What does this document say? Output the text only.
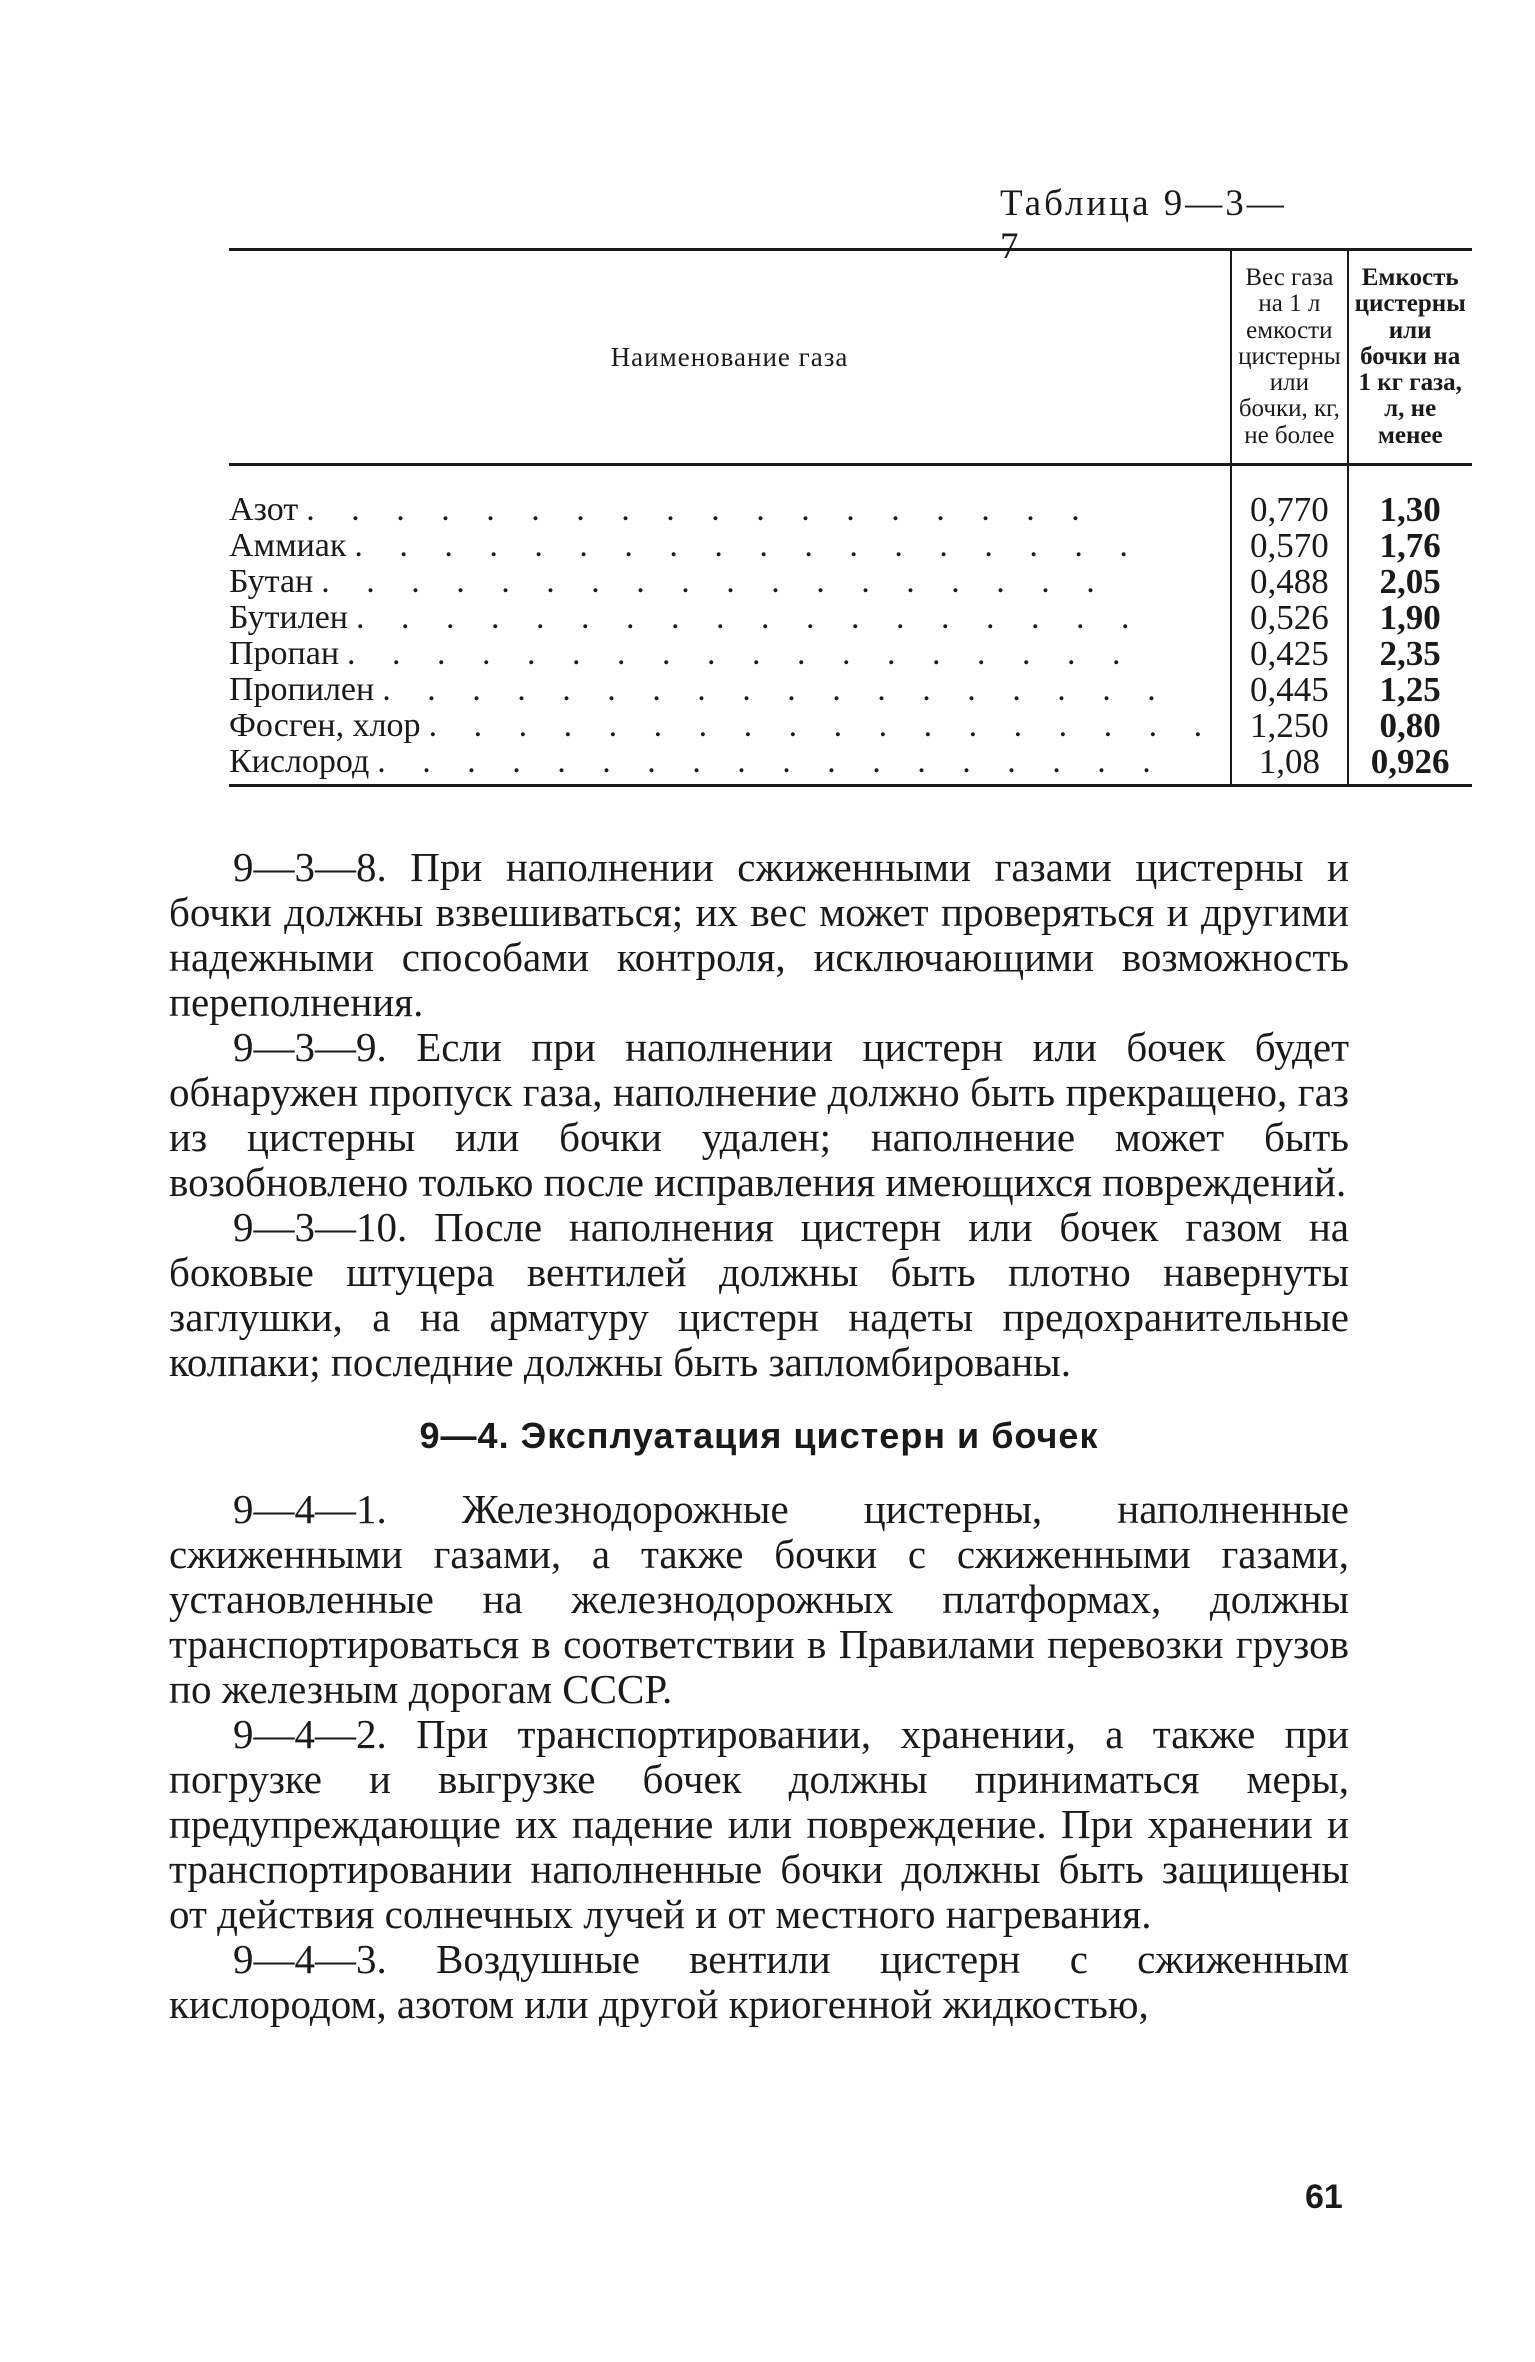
Таблица 9—3—7
Наименование газа	Вес газа на 1 л емкости цистерны или бочки, кг, не более	Емкость цистерны или бочки на 1 кг газа, л, не менее
Азот . . . . . . . . . . . . . . . . . .	0,770	1,30
Аммиак . . . . . . . . . . . . . . . . . .	0,570	1,76
Бутан . . . . . . . . . . . . . . . . . .	0,488	2,05
Бутилен . . . . . . . . . . . . . . . . . .	0,526	1,90
Пропан . . . . . . . . . . . . . . . . . .	0,425	2,35
Пропилен . . . . . . . . . . . . . . . . . .	0,445	1,25
Фосген, хлор . . . . . . . . . . . . . . . . . .	1,250	0,80
Кислород . . . . . . . . . . . . . . . . . .	1,08	0,926

9—3—8. При наполнении сжиженными газами цистерны и бочки должны взвешиваться; их вес может проверяться и другими надежными способами контроля, исключающими возможность переполнения.

9—3—9. Если при наполнении цистерн или бочек будет обнаружен пропуск газа, наполнение должно быть прекращено, газ из цистерны или бочки удален; наполнение может быть возобновлено только после исправления имеющихся повреждений.

9—3—10. После наполнения цистерн или бочек газом на боковые штуцера вентилей должны быть плотно навернуты заглушки, а на арматуру цистерн надеты предохранительные колпаки; последние должны быть запломбированы.

9—4. Эксплуатация цистерн и бочек

9—4—1. Железнодорожные цистерны, наполненные сжиженными газами, а также бочки с сжиженными газами, установленные на железнодорожных платформах, должны транспортироваться в соответствии в Правилами перевозки грузов по железным дорогам СССР.

9—4—2. При транспортировании, хранении, а также при погрузке и выгрузке бочек должны приниматься меры, предупреждающие их падение или повреждение. При хранении и транспортировании наполненные бочки должны быть защищены от действия солнечных лучей и от местного нагревания.

9—4—3. Воздушные вентили цистерн с сжиженным кислородом, азотом или другой криогенной жидкостью,

61
